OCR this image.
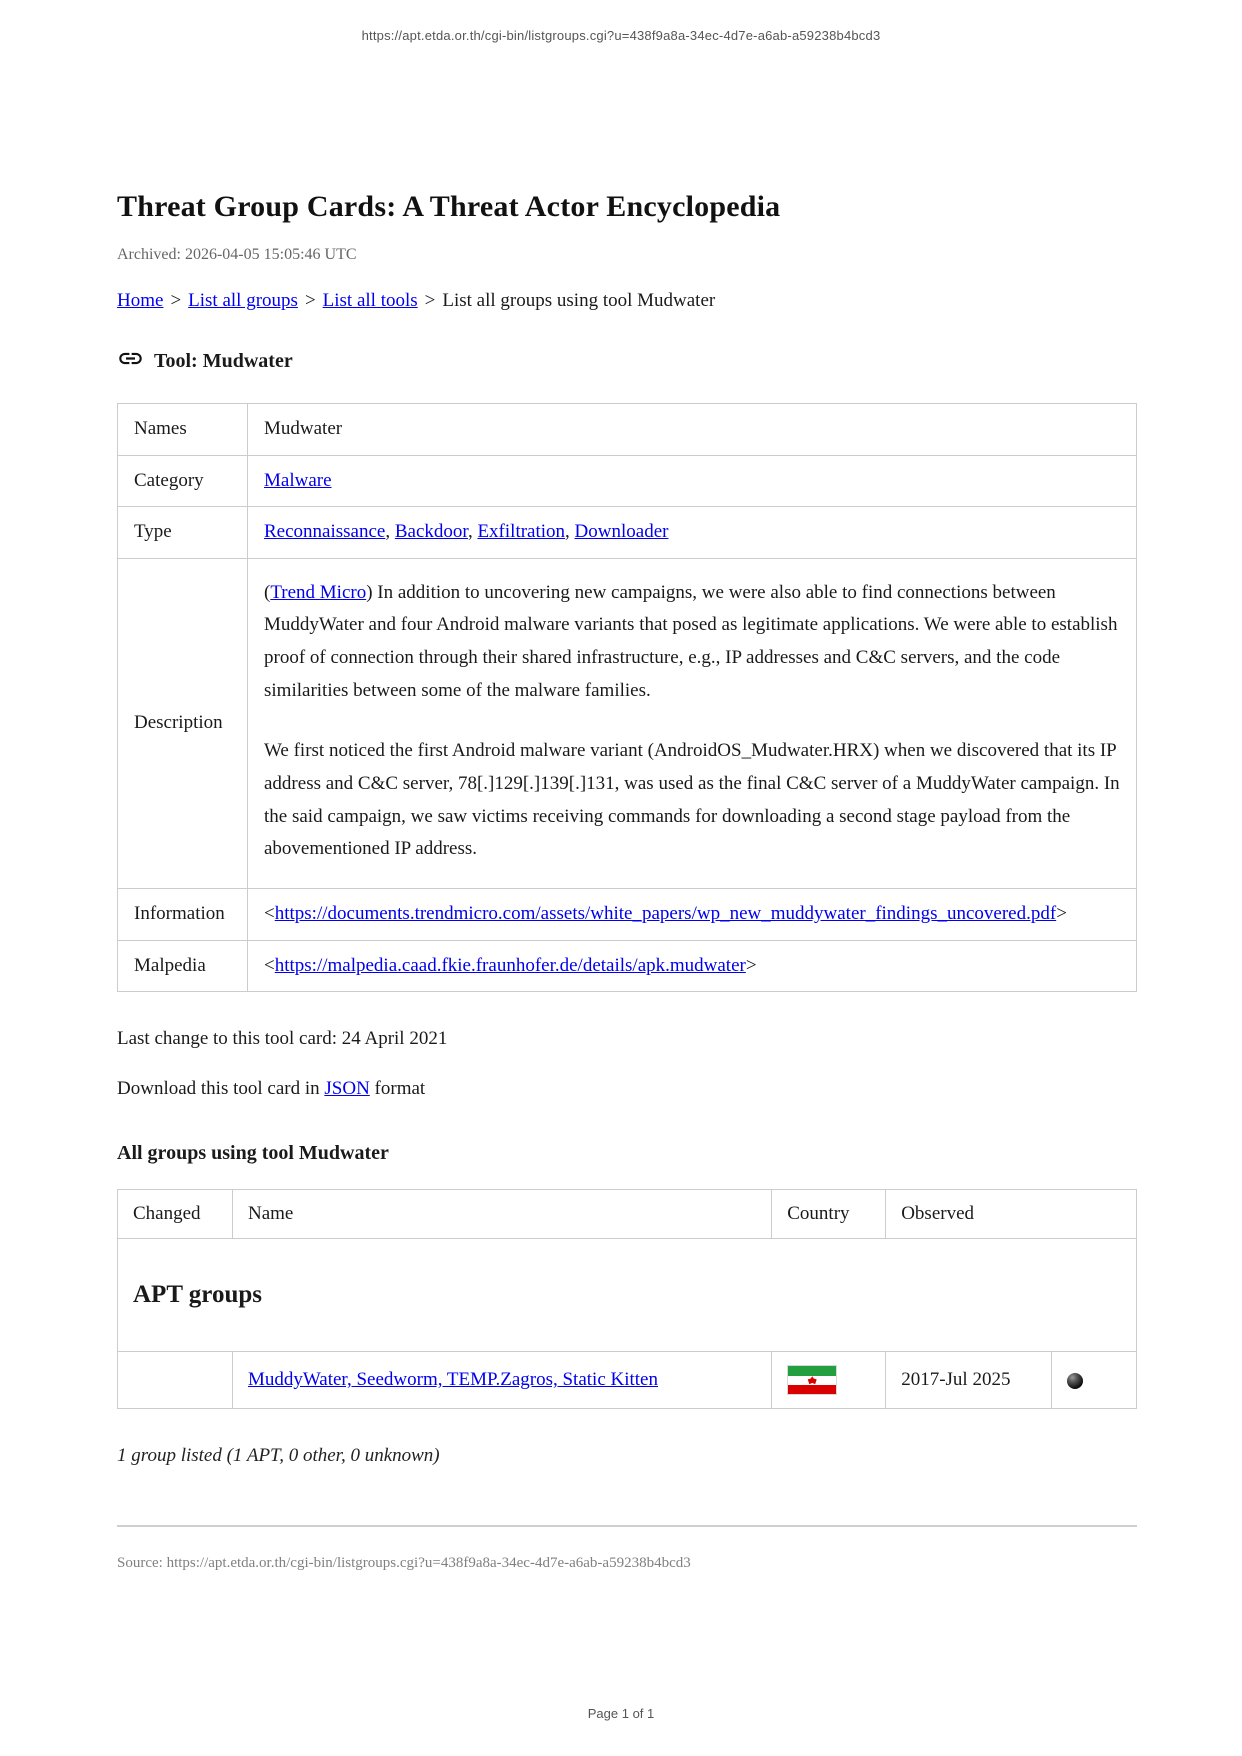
https://apt.etda.or.th/cgi-bin/listgroups.cgi?u=438f9a8a-34ec-4d7e-a6ab-a59238b4bcd3
Threat Group Cards: A Threat Actor Encyclopedia
Archived: 2026-04-05 15:05:46 UTC
Home > List all groups > List all tools > List all groups using tool Mudwater
Tool: Mudwater
Names	Mudwater
Category	Malware
Type	Reconnaissance, Backdoor, Exfiltration, Downloader
Description	(Trend Micro) In addition to uncovering new campaigns, we were also able to find connections between MuddyWater and four Android malware variants that posed as legitimate applications. We were able to establish proof of connection through their shared infrastructure, e.g., IP addresses and C&C servers, and the code similarities between some of the malware families.

We first noticed the first Android malware variant (AndroidOS_Mudwater.HRX) when we discovered that its IP address and C&C server, 78[.]129[.]139[.]131, was used as the final C&C server of a MuddyWater campaign. In the said campaign, we saw victims receiving commands for downloading a second stage payload from the abovementioned IP address.

Information	<https://documents.trendmicro.com/assets/white_papers/wp_new_muddywater_findings_uncovered.pdf>
Malpedia	<https://malpedia.caad.fkie.fraunhofer.de/details/apk.mudwater>

Last change to this tool card: 24 April 2021

Download this tool card in JSON format

All groups using tool Mudwater
Changed	Name	Country	Observed	
APT groups				
	MuddyWater, Seedworm, TEMP.Zagros, Static Kitten		2017-Jul 2025	

1 group listed (1 APT, 0 other, 0 unknown)

Source: https://apt.etda.or.th/cgi-bin/listgroups.cgi?u=438f9a8a-34ec-4d7e-a6ab-a59238b4bcd3
Page 1 of 1
